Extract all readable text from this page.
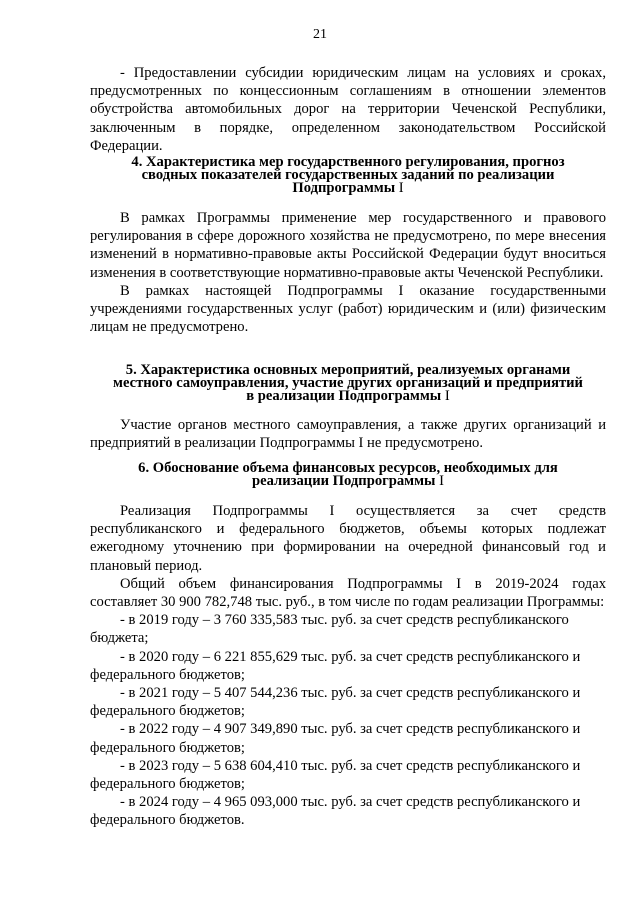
21

- Предоставлении субсидии юридическим лицам на условиях и сроках, предусмотренных по концессионным соглашениям в отношении элементов обустройства автомобильных дорог на территории Чеченской Республики, заключенным в порядке, определенном законодательством Российской Федерации.

4. Характеристика мер государственного регулирования, прогноз

сводных показателей государственных заданий по реализации

Подпрограммы I

В рамках Программы применение мер государственного и правового регулирования в сфере дорожного хозяйства не предусмотрено, по мере внесения изменений в нормативно-правовые акты Российской Федерации будут вноситься изменения в соответствующие нормативно-правовые акты Чеченской Республики.

В рамках настоящей Подпрограммы I оказание государственными учреждениями государственных услуг (работ) юридическим и (или) физическим лицам не предусмотрено.

5. Характеристика основных мероприятий, реализуемых органами

местного самоуправления, участие других организаций и предприятий

в реализации Подпрограммы I

Участие органов местного самоуправления, а также других организаций и предприятий в реализации Подпрограммы I не предусмотрено.

6. Обоснование объема финансовых ресурсов, необходимых для

реализации Подпрограммы I

Реализация Подпрограммы I осуществляется за счет средств республиканского и федерального бюджетов, объемы которых подлежат ежегодному уточнению при формировании на очередной финансовый год и плановый период.

Общий объем финансирования Подпрограммы I в 2019-2024 годах составляет 30 900 782,748 тыс. руб., в том числе по годам реализации Программы:

- в 2019 году – 3 760 335,583 тыс. руб. за счет средств республиканского бюджета;

- в 2020 году – 6 221 855,629 тыс. руб. за счет средств республиканского и федерального бюджетов;

- в 2021 году – 5 407 544,236 тыс. руб. за счет средств республиканского и федерального бюджетов;

- в 2022 году – 4 907 349,890 тыс. руб. за счет средств республиканского и федерального бюджетов;

- в 2023 году – 5 638 604,410 тыс. руб. за счет средств республиканского и федерального бюджетов;

- в 2024 году – 4 965 093,000 тыс. руб. за счет средств республиканского и федерального бюджетов.
